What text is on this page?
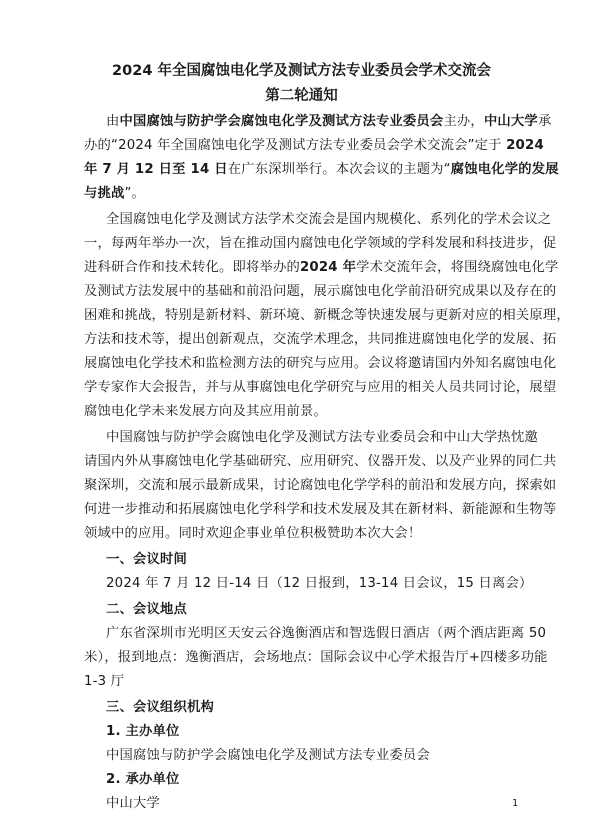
2024 年全国腐蚀电化学及测试方法专业委员会学术交流会
第二轮通知
由中国腐蚀与防护学会腐蚀电化学及测试方法专业委员会主办，中山大学承
办的“2024 年全国腐蚀电化学及测试方法专业委员会学术交流会”定于 2024
年 7 月 12 日至 14 日在广东深圳举行。本次会议的主题为“腐蚀电化学的发展
与挑战”。
全国腐蚀电化学及测试方法学术交流会是国内规模化、系列化的学术会议之
一，每两年举办一次，旨在推动国内腐蚀电化学领域的学科发展和科技进步，促
进科研合作和技术转化。即将举办的2024 年学术交流年会，将围绕腐蚀电化学
及测试方法发展中的基础和前沿问题，展示腐蚀电化学前沿研究成果以及存在的
困难和挑战，特别是新材料、新环境、新概念等快速发展与更新对应的相关原理，
方法和技术等，提出创新观点，交流学术理念，共同推进腐蚀电化学的发展、拓
展腐蚀电化学技术和监检测方法的研究与应用。会议将邀请国内外知名腐蚀电化
学专家作大会报告，并与从事腐蚀电化学研究与应用的相关人员共同讨论，展望
腐蚀电化学未来发展方向及其应用前景。
中国腐蚀与防护学会腐蚀电化学及测试方法专业委员会和中山大学热忱邀
请国内外从事腐蚀电化学基础研究、应用研究、仪器开发、以及产业界的同仁共
聚深圳，交流和展示最新成果，讨论腐蚀电化学学科的前沿和发展方向，探索如
何进一步推动和拓展腐蚀电化学科学和技术发展及其在新材料、新能源和生物等
领域中的应用。同时欢迎企事业单位积极赞助本次大会！
一、会议时间
2024 年 7 月 12 日-14 日（12 日报到，13-14 日会议，15 日离会）
二、会议地点
广东省深圳市光明区天安云谷逸衡酒店和智选假日酒店（两个酒店距离 50
米），报到地点：逸衡酒店，会场地点：国际会议中心学术报告厅+四楼多功能
1-3 厅
三、会议组织机构
1. 主办单位
中国腐蚀与防护学会腐蚀电化学及测试方法专业委员会
2. 承办单位
中山大学	1
